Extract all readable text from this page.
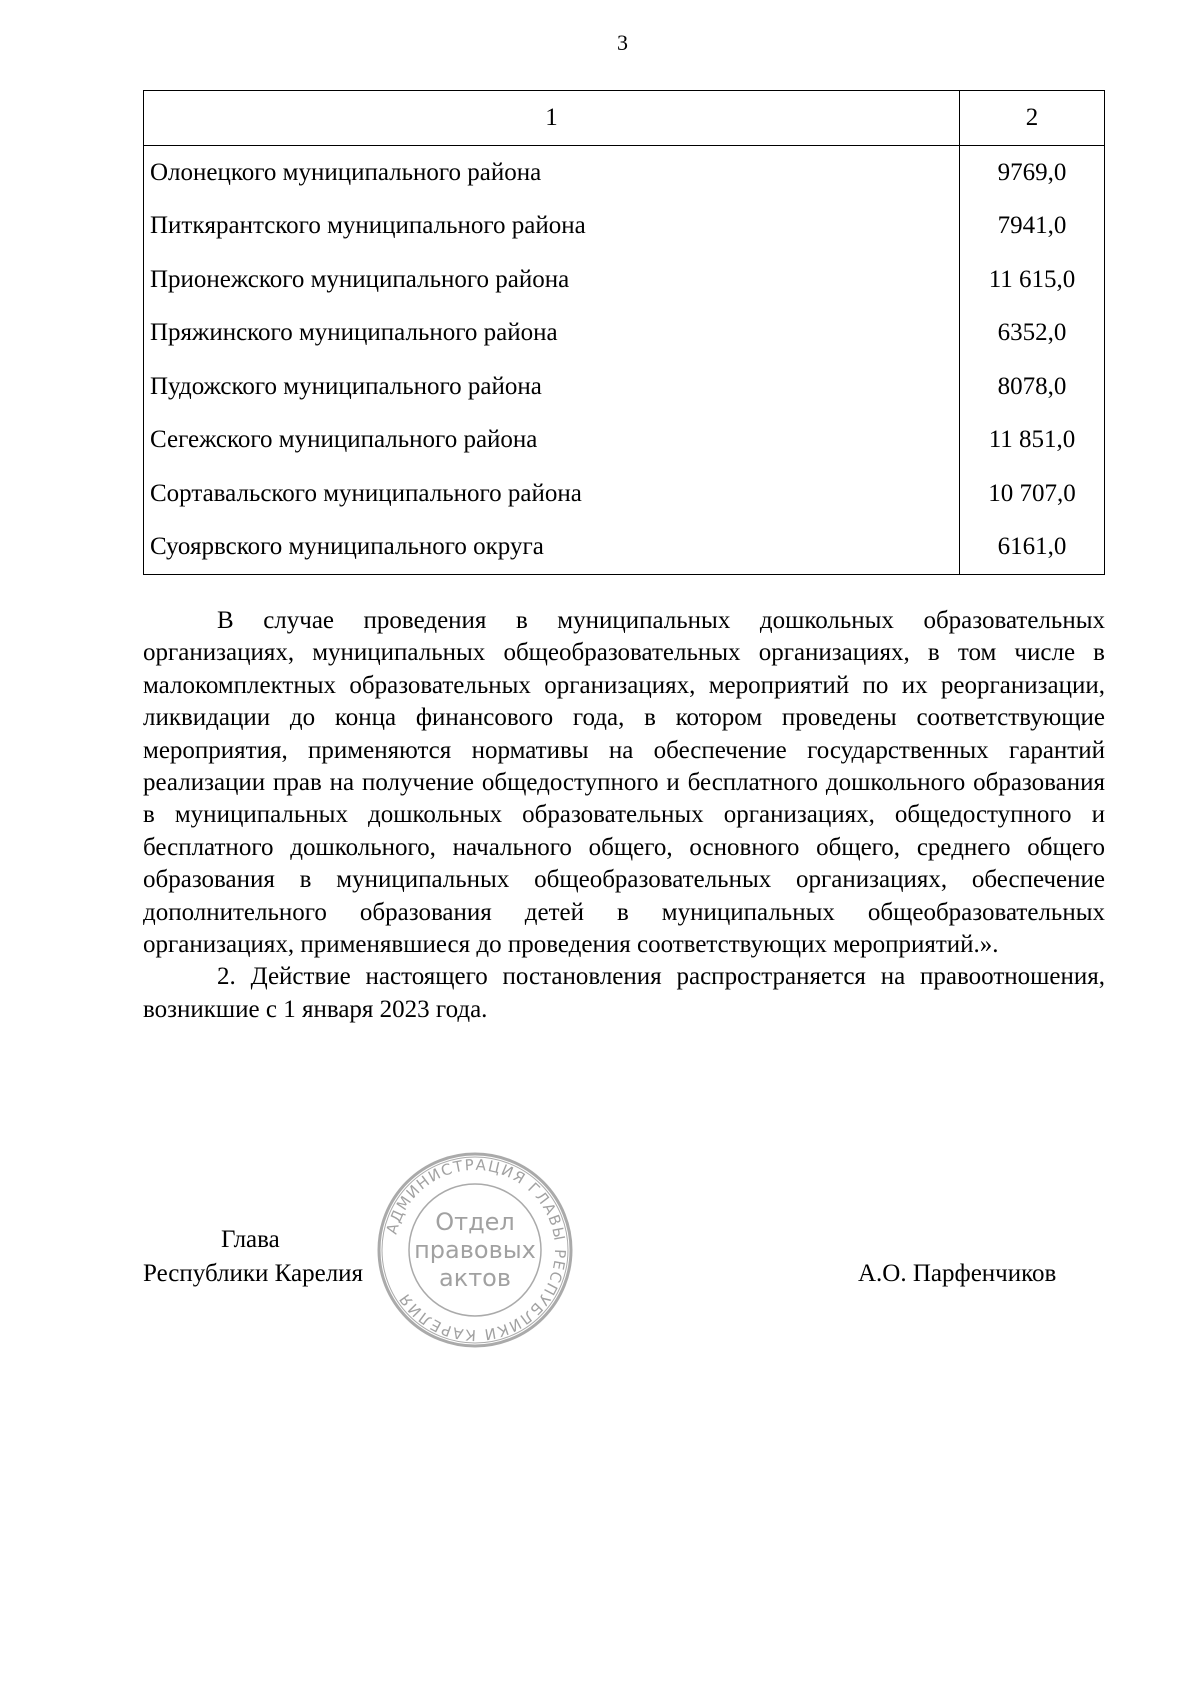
3
1	2
Олонецкого муниципального района	9769,0
Питкярантского муниципального района	7941,0
Прионежского муниципального района	11 615,0
Пряжинского муниципального района	6352,0
Пудожского муниципального района	8078,0
Сегежского муниципального района	11 851,0
Сортавальского муниципального района	10 707,0
Суоярвского муниципального округа	6161,0

В случае проведения в муниципальных дошкольных образовательных организациях, муниципальных общеобразовательных организациях, в том числе в малокомплектных образовательных организациях, мероприятий по их реорганизации, ликвидации до конца финансового года, в котором проведены соответствующие мероприятия, применяются нормативы на обеспечение государственных гарантий реализации прав на получение общедоступного и бесплатного дошкольного образования в муниципальных дошкольных образовательных организациях, общедоступного и бесплатного дошкольного, начального общего, основного общего, среднего общего образования в муниципальных общеобразовательных организациях, обеспечение дополнительного образования детей в муниципальных общеобразовательных организациях, применявшиеся до проведения соответствующих мероприятий.».

2. Действие настоящего постановления распространяется на правоотношения, возникшие с 1 января 2023 года.

АДМИНИСТРАЦИЯ ГЛАВЫ РЕСПУБЛИКИ КАРЕЛИЯ
Отдел
правовых
актов
Глава
Республики Карелия	А.О. Парфенчиков
